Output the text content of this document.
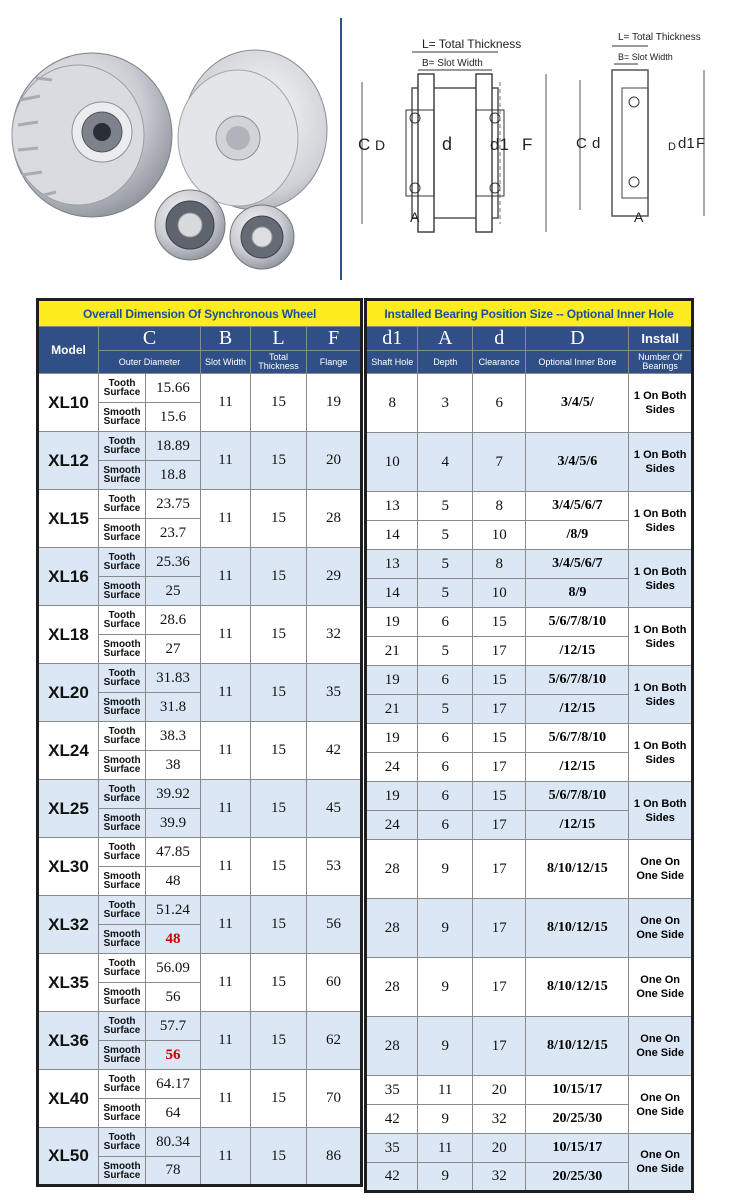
L= Total Thickness
B= Slot Width
C D	d d1 F
A
L= Total Thickness
B= Slot Width
C d	D d1 F
A
Overall Dimension Of Synchronous Wheel					
Model	C		B	L	F
	Outer Diameter		Slot Width	Total Thickness	Flange
XL10	Tooth Surface	15.66	11	15	19
	Smooth Surface	15.6			
XL12	Tooth Surface	18.89	11	15	20
	Smooth Surface	18.8			
XL15	Tooth Surface	23.75	11	15	28
	Smooth Surface	23.7			
XL16	Tooth Surface	25.36	11	15	29
	Smooth Surface	25			
XL18	Tooth Surface	28.6	11	15	32
	Smooth Surface	27			
XL20	Tooth Surface	31.83	11	15	35
	Smooth Surface	31.8			
XL24	Tooth Surface	38.3	11	15	42
	Smooth Surface	38			
XL25	Tooth Surface	39.92	11	15	45
	Smooth Surface	39.9			
XL30	Tooth Surface	47.85	11	15	53
	Smooth Surface	48			
XL32	Tooth Surface	51.24	11	15	56
	Smooth Surface	48			
XL35	Tooth Surface	56.09	11	15	60
	Smooth Surface	56			
XL36	Tooth Surface	57.7	11	15	62
	Smooth Surface	56			
XL40	Tooth Surface	64.17	11	15	70
	Smooth Surface	64			
XL50	Tooth Surface	80.34	11	15	86
	Smooth Surface	78			
Installed Bearing Position Size -- Optional Inner Hole				
d1	A	d	D	Install
Shaft Hole	Depth	Clearance	Optional Inner Bore	Number Of Bearings
8	3	6	3/4/5/	1 On Both Sides
10	4	7	3/4/5/6	1 On Both Sides
13	5	8	3/4/5/6/7	1 On Both Sides
14	5	10	/8/9	
13	5	8	3/4/5/6/7	1 On Both Sides
14	5	10	8/9	
19	6	15	5/6/7/8/10	1 On Both Sides
21	5	17	/12/15	
19	6	15	5/6/7/8/10	1 On Both Sides
21	5	17	/12/15	
19	6	15	5/6/7/8/10	1 On Both Sides
24	6	17	/12/15	
19	6	15	5/6/7/8/10	1 On Both Sides
24	6	17	/12/15	
28	9	17	8/10/12/15	One On One Side
28	9	17	8/10/12/15	One On One Side
28	9	17	8/10/12/15	One On One Side
28	9	17	8/10/12/15	One On One Side
35	11	20	10/15/17	One On One Side
42	9	32	20/25/30	
35	11	20	10/15/17	One On One Side
42	9	32	20/25/30	
